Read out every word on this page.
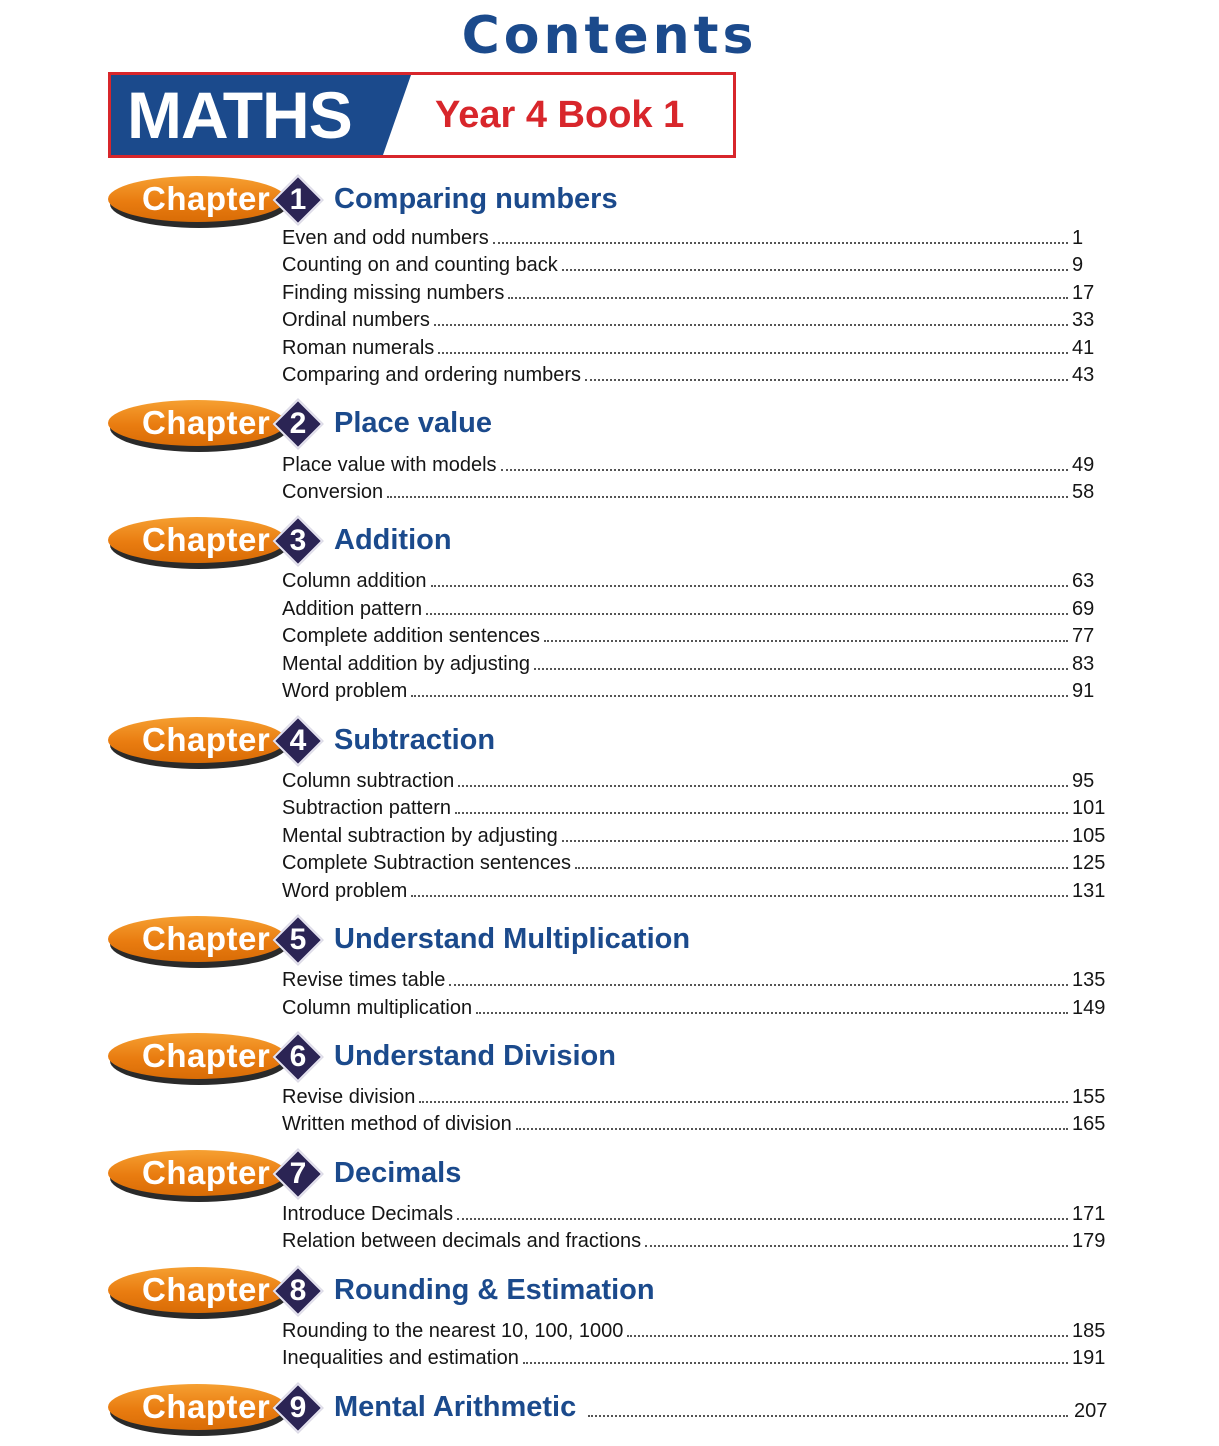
Contents
MATHS Year 4 Book 1
Chapter 1 Comparing numbers
Even and odd numbers	1
Counting on and counting back	9
Finding missing numbers	17
Ordinal numbers	33
Roman numerals	41
Comparing and ordering numbers	43
Chapter 2 Place value
Place value with models	49
Conversion	58
Chapter 3 Addition
Column addition	63
Addition pattern	69
Complete addition sentences	77
Mental addition by adjusting	83
Word problem	91
Chapter 4 Subtraction
Column subtraction	95
Subtraction pattern	101
Mental subtraction by adjusting	105
Complete Subtraction sentences	125
Word problem	131
Chapter 5 Understand Multiplication
Revise times table	135
Column multiplication	149
Chapter 6 Understand Division
Revise division	155
Written method of division	165
Chapter 7 Decimals
Introduce Decimals	171
Relation between decimals and fractions	179
Chapter 8 Rounding & Estimation
Rounding to the nearest 10, 100, 1000	185
Inequalities and estimation	191
Chapter 9 Mental Arithmetic	207
